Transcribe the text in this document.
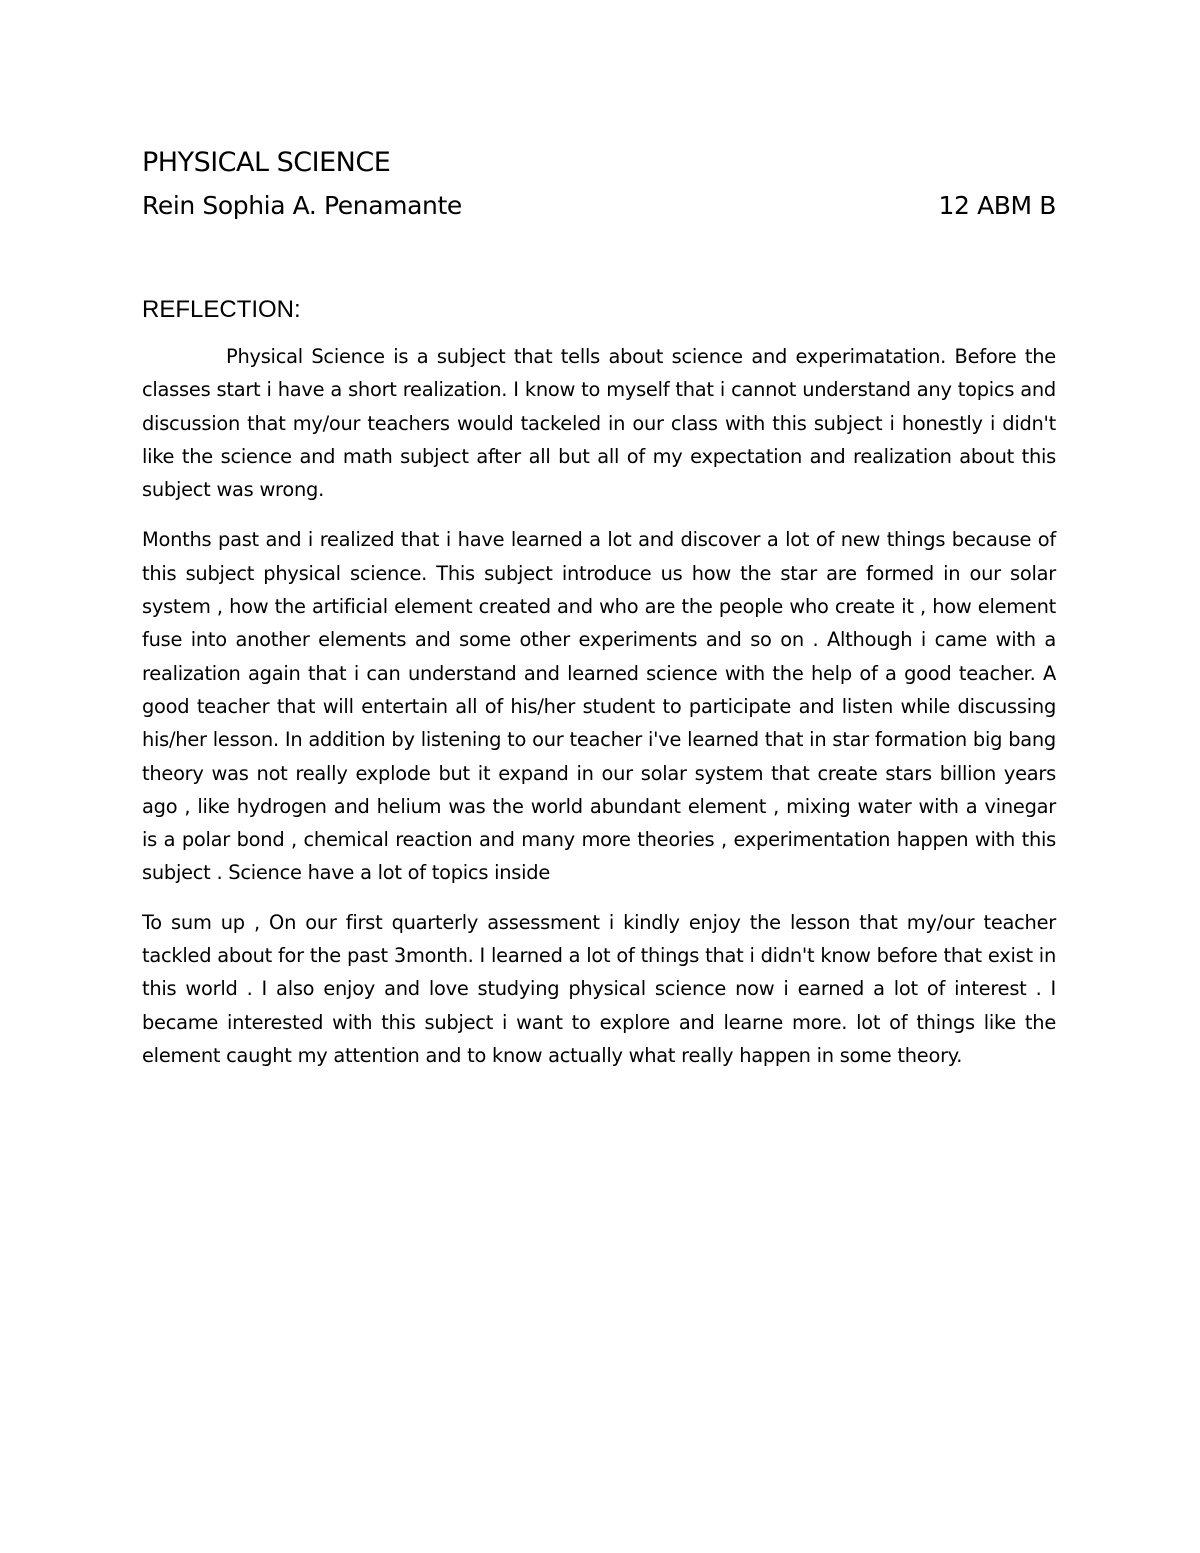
PHYSICAL SCIENCE
Rein Sophia A. Penamante	12 ABM B
REFLECTION:

Physical Science is a subject that tells about science and experimatation. Before the classes start i have a short realization. I know to myself that i cannot understand any topics and discussion that my/our teachers would tackeled in our class with this subject i honestly i didn't like the science and math subject after all but all of my expectation and realization about this subject was wrong.

Months past and i realized that i have learned a lot and discover a lot of new things because of this subject physical science. This subject introduce us how the star are formed in our solar system , how the artificial element created and who are the people who create it , how element fuse into another elements and some other experiments and so on . Although i came with a realization again that i can understand and learned science with the help of a good teacher. A good teacher that will entertain all of his/her student to participate and listen while discussing his/her lesson. In addition by listening to our teacher i've learned that in star formation big bang theory was not really explode but it expand in our solar system that create stars billion years ago , like hydrogen and helium was the world abundant element , mixing water with a vinegar is a polar bond , chemical reaction and many more theories , experimentation happen with this subject . Science have a lot of topics inside

To sum up , On our first quarterly assessment i kindly enjoy the lesson that my/our teacher tackled about for the past 3month. I learned a lot of things that i didn't know before that exist in this world . I also enjoy and love studying physical science now i earned a lot of interest . I became interested with this subject i want to explore and learne more. lot of things like the element caught my attention and to know actually what really happen in some theory.
